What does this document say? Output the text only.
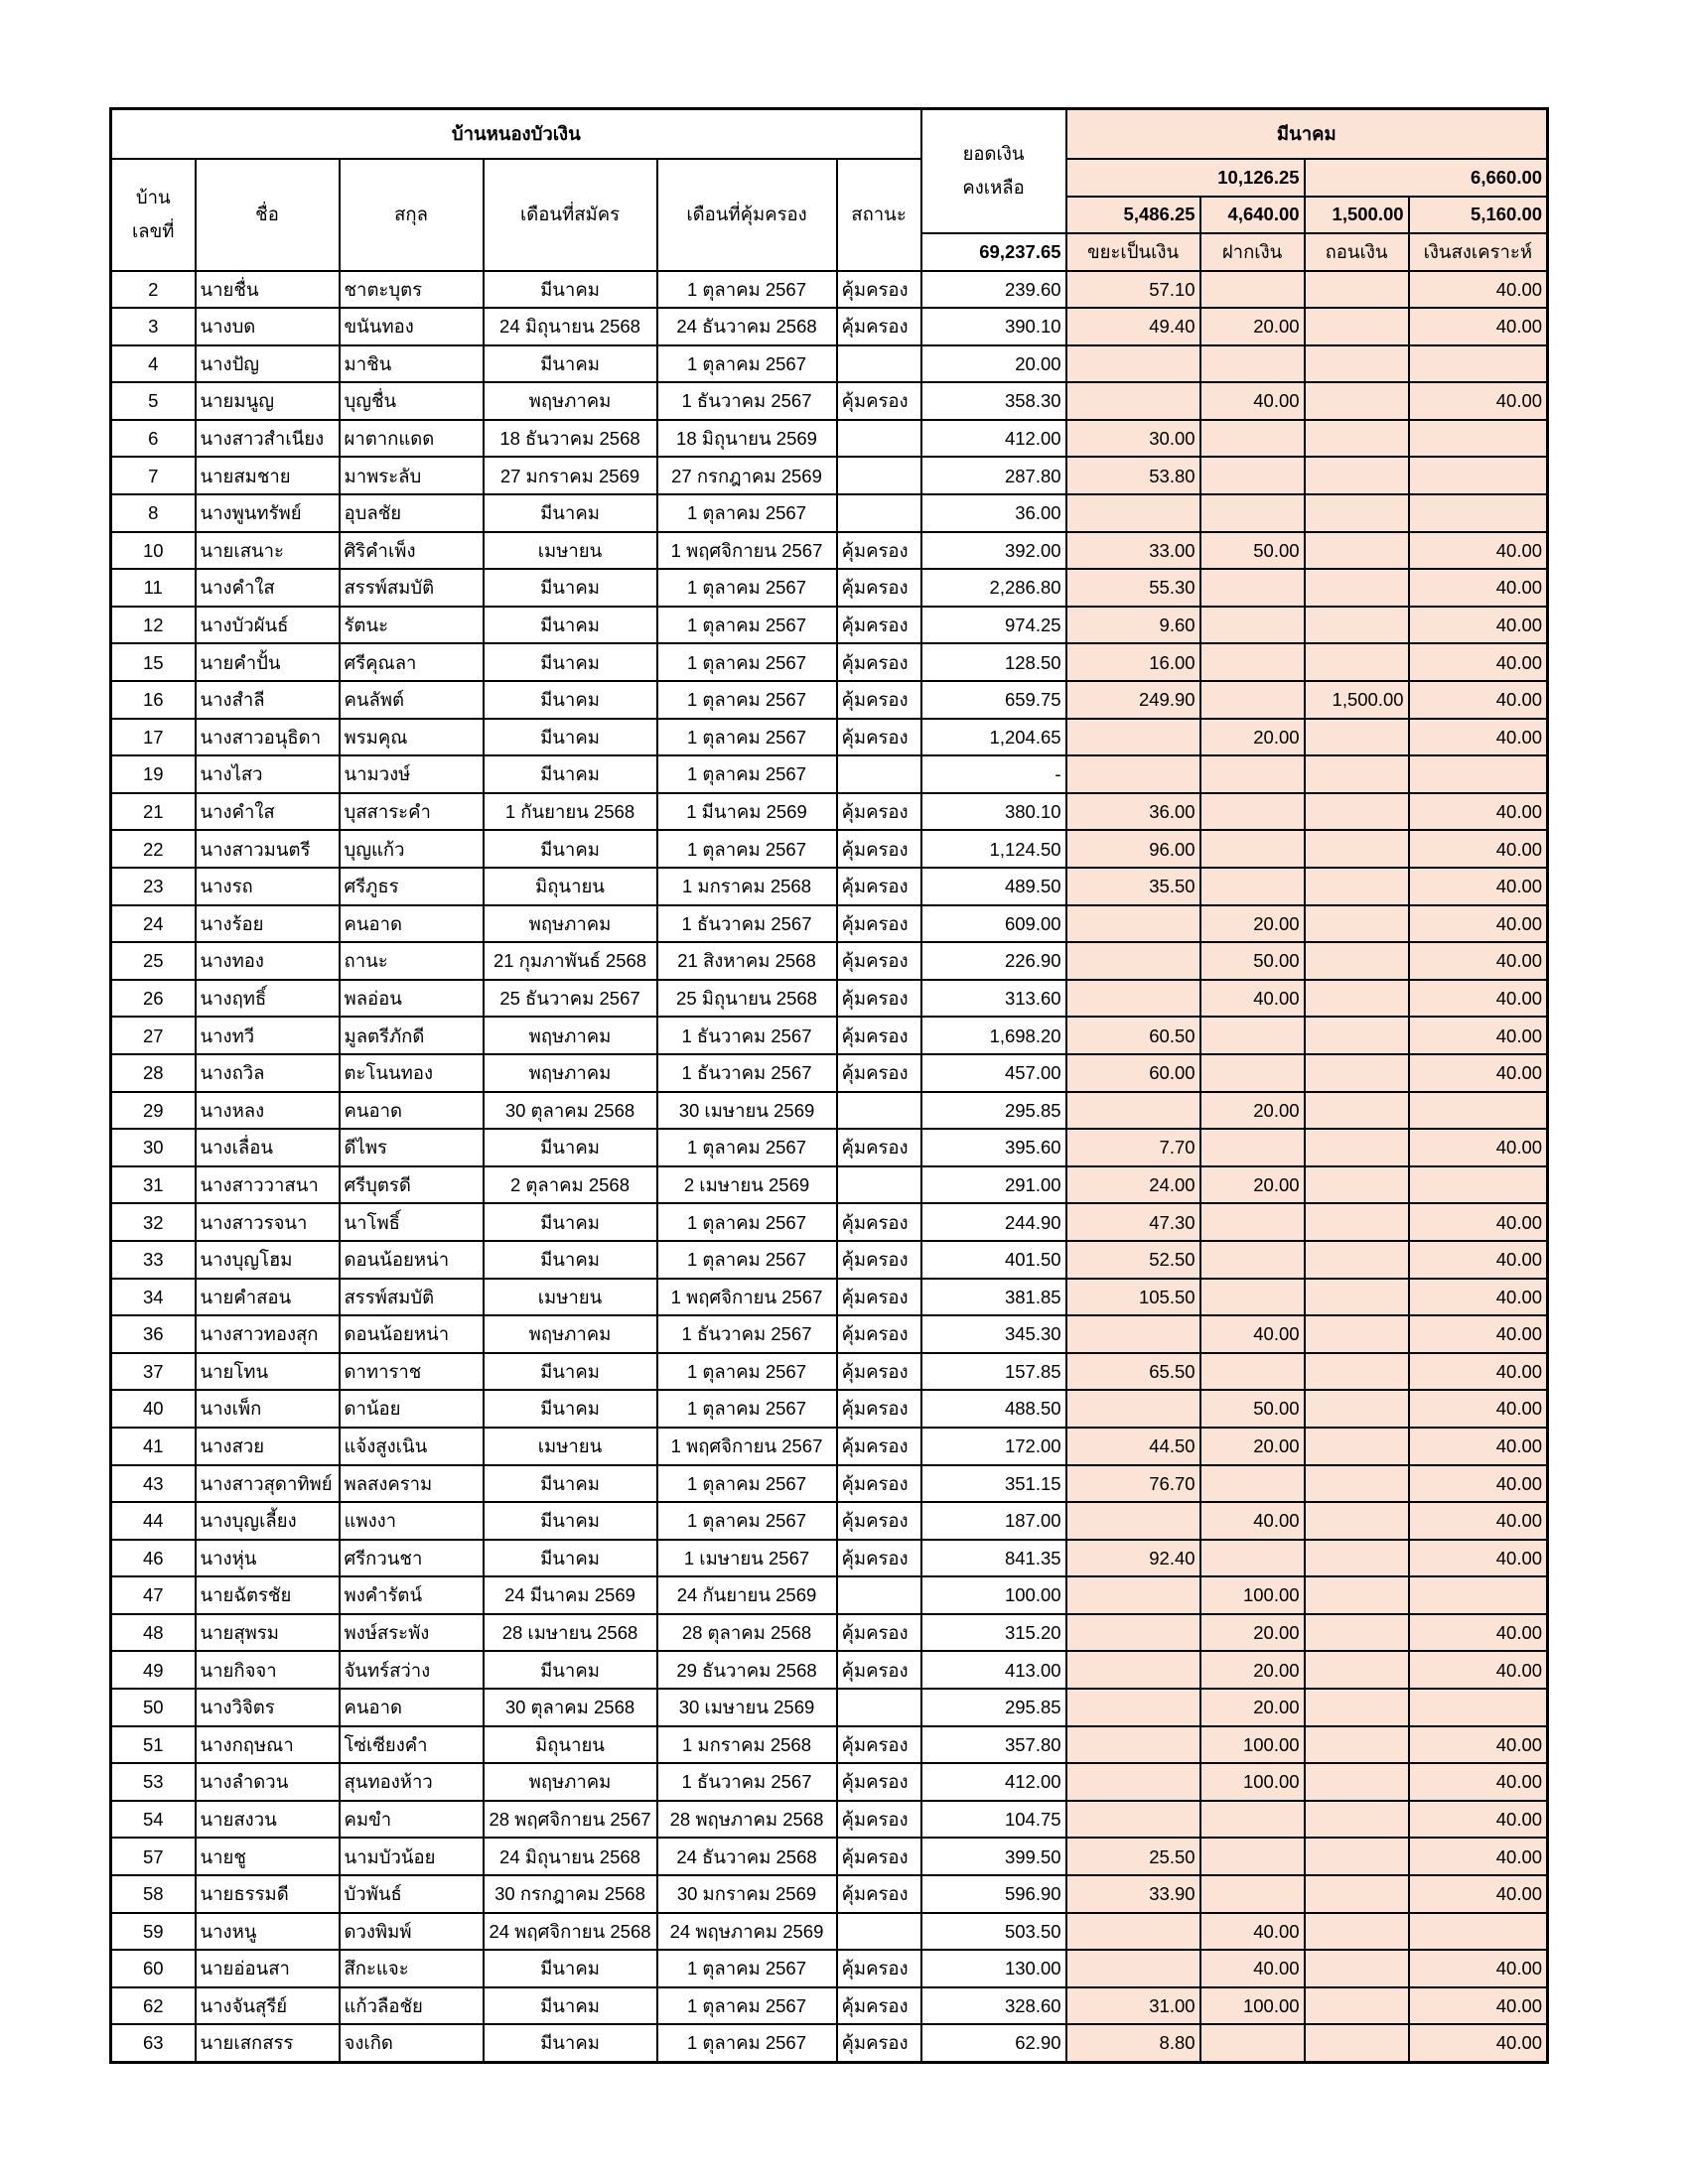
บ้านหนองบัวเงิน						ยอดเงิน
คงเหลือ	มีนาคม			

บ้าน
เลขที่	ชื่อ	สกุล	เดือนที่สมัคร	เดือนที่คุ้มครอง	สถานะ		10,126.25		6,660.00	
							5,486.25	4,640.00	1,500.00	5,160.00
						69,237.65	ขยะเป็นเงิน	ฝากเงิน	ถอนเงิน	เงินสงเคราะห์
2	นายชื่น	ชาตะบุตร	มีนาคม	1 ตุลาคม 2567	คุ้มครอง	239.60	57.10			40.00
3	นางบด	ขนันทอง	24 มิถุนายน 2568	24 ธันวาคม 2568	คุ้มครอง	390.10	49.40	20.00		40.00
4	นางปัญ	มาชิน	มีนาคม	1 ตุลาคม 2567		20.00				
5	นายมนูญ	บุญชื่น	พฤษภาคม	1 ธันวาคม 2567	คุ้มครอง	358.30		40.00		40.00
6	นางสาวสำเนียง	ผาตากแดด	18 ธันวาคม 2568	18 มิถุนายน 2569		412.00	30.00			
7	นายสมชาย	มาพระลับ	27 มกราคม 2569	27 กรกฎาคม 2569		287.80	53.80			
8	นางพูนทรัพย์	อุบลชัย	มีนาคม	1 ตุลาคม 2567		36.00				
10	นายเสนาะ	ศิริคำเพ็ง	เมษายน	1 พฤศจิกายน 2567	คุ้มครอง	392.00	33.00	50.00		40.00
11	นางคำใส	สรรพ์สมบัติ	มีนาคม	1 ตุลาคม 2567	คุ้มครอง	2,286.80	55.30			40.00
12	นางบัวผันธ์	รัตนะ	มีนาคม	1 ตุลาคม 2567	คุ้มครอง	974.25	9.60			40.00
15	นายคำปั้น	ศรีคุณลา	มีนาคม	1 ตุลาคม 2567	คุ้มครอง	128.50	16.00			40.00
16	นางสำลี	คนลัพต์	มีนาคม	1 ตุลาคม 2567	คุ้มครอง	659.75	249.90		1,500.00	40.00
17	นางสาวอนุธิดา	พรมคุณ	มีนาคม	1 ตุลาคม 2567	คุ้มครอง	1,204.65		20.00		40.00
19	นางไสว	นามวงษ์	มีนาคม	1 ตุลาคม 2567		-				
21	นางคำใส	บุสสาระคำ	1 กันยายน 2568	1 มีนาคม 2569	คุ้มครอง	380.10	36.00			40.00
22	นางสาวมนตรี	บุญแก้ว	มีนาคม	1 ตุลาคม 2567	คุ้มครอง	1,124.50	96.00			40.00
23	นางรถ	ศรีภูธร	มิถุนายน	1 มกราคม 2568	คุ้มครอง	489.50	35.50			40.00
24	นางร้อย	คนอาด	พฤษภาคม	1 ธันวาคม 2567	คุ้มครอง	609.00		20.00		40.00
25	นางทอง	ถานะ	21 กุมภาพันธ์ 2568	21 สิงหาคม 2568	คุ้มครอง	226.90		50.00		40.00
26	นางฤทธิ์	พลอ่อน	25 ธันวาคม 2567	25 มิถุนายน 2568	คุ้มครอง	313.60		40.00		40.00
27	นางทวี	มูลตรีภักดี	พฤษภาคม	1 ธันวาคม 2567	คุ้มครอง	1,698.20	60.50			40.00
28	นางถวิล	ตะโนนทอง	พฤษภาคม	1 ธันวาคม 2567	คุ้มครอง	457.00	60.00			40.00
29	นางหลง	คนอาด	30 ตุลาคม 2568	30 เมษายน 2569		295.85		20.00		
30	นางเลื่อน	ดีไพร	มีนาคม	1 ตุลาคม 2567	คุ้มครอง	395.60	7.70			40.00
31	นางสาววาสนา	ศรีบุตรดี	2 ตุลาคม 2568	2 เมษายน 2569		291.00	24.00	20.00		
32	นางสาวรจนา	นาโพธิ์	มีนาคม	1 ตุลาคม 2567	คุ้มครอง	244.90	47.30			40.00
33	นางบุญโฮม	ดอนน้อยหน่า	มีนาคม	1 ตุลาคม 2567	คุ้มครอง	401.50	52.50			40.00
34	นายคำสอน	สรรพ์สมบัติ	เมษายน	1 พฤศจิกายน 2567	คุ้มครอง	381.85	105.50			40.00
36	นางสาวทองสุก	ดอนน้อยหน่า	พฤษภาคม	1 ธันวาคม 2567	คุ้มครอง	345.30		40.00		40.00
37	นายโทน	ดาทาราช	มีนาคม	1 ตุลาคม 2567	คุ้มครอง	157.85	65.50			40.00
40	นางเพ็ก	ดาน้อย	มีนาคม	1 ตุลาคม 2567	คุ้มครอง	488.50		50.00		40.00
41	นางสวย	แจ้งสูงเนิน	เมษายน	1 พฤศจิกายน 2567	คุ้มครอง	172.00	44.50	20.00		40.00
43	นางสาวสุดาทิพย์	พลสงคราม	มีนาคม	1 ตุลาคม 2567	คุ้มครอง	351.15	76.70			40.00
44	นางบุญเลี้ยง	แพงงา	มีนาคม	1 ตุลาคม 2567	คุ้มครอง	187.00		40.00		40.00
46	นางหุ่น	ศรีกวนชา	มีนาคม	1 เมษายน 2567	คุ้มครอง	841.35	92.40			40.00
47	นายฉัตรชัย	พงคำรัตน์	24 มีนาคม 2569	24 กันยายน 2569		100.00		100.00		
48	นายสุพรม	พงษ์สระพัง	28 เมษายน 2568	28 ตุลาคม 2568	คุ้มครอง	315.20		20.00		40.00
49	นายกิจจา	จันทร์สว่าง	มีนาคม	29 ธันวาคม 2568	คุ้มครอง	413.00		20.00		40.00
50	นางวิจิตร	คนอาด	30 ตุลาคม 2568	30 เมษายน 2569		295.85		20.00		
51	นางกฤษณา	โซ่เซียงคำ	มิถุนายน	1 มกราคม 2568	คุ้มครอง	357.80		100.00		40.00
53	นางลำดวน	สุนทองห้าว	พฤษภาคม	1 ธันวาคม 2567	คุ้มครอง	412.00		100.00		40.00
54	นายสงวน	คมขำ	28 พฤศจิกายน 2567	28 พฤษภาคม 2568	คุ้มครอง	104.75				40.00
57	นายชู	นามบัวน้อย	24 มิถุนายน 2568	24 ธันวาคม 2568	คุ้มครอง	399.50	25.50			40.00
58	นายธรรมดี	บัวพันธ์	30 กรกฎาคม 2568	30 มกราคม 2569	คุ้มครอง	596.90	33.90			40.00
59	นางหนู	ดวงพิมพ์	24 พฤศจิกายน 2568	24 พฤษภาคม 2569		503.50		40.00		
60	นายอ่อนสา	สึกะแจะ	มีนาคม	1 ตุลาคม 2567	คุ้มครอง	130.00		40.00		40.00
62	นางจันสุรีย์	แก้วลือชัย	มีนาคม	1 ตุลาคม 2567	คุ้มครอง	328.60	31.00	100.00		40.00
63	นายเสกสรร	จงเกิด	มีนาคม	1 ตุลาคม 2567	คุ้มครอง	62.90	8.80			40.00
